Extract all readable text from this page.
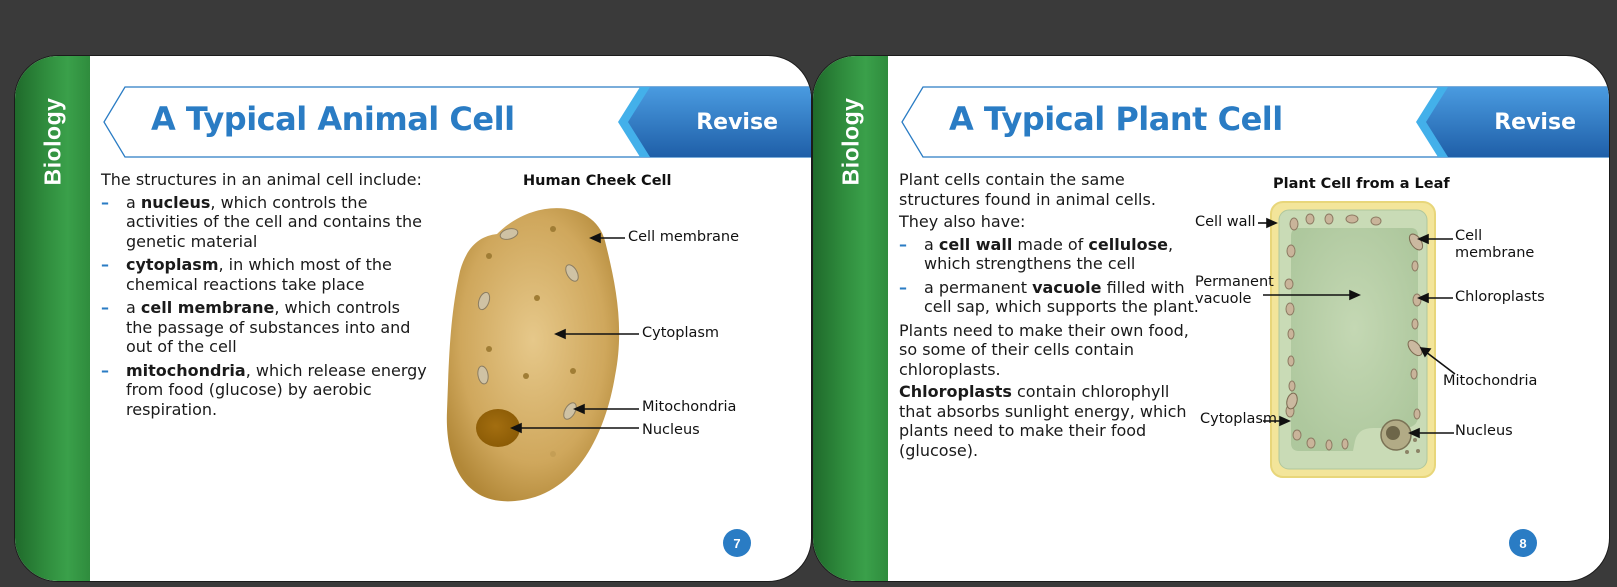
Biology	A Typical Animal Cell	Revise

The structures in an animal cell include:

– a nucleus, which controls the activities of the cell and contains the genetic material
– cytoplasm, in which most of the chemical reactions take place
– a cell membrane, which controls the passage of substances into and out of the cell
– mitochondria, which release energy from food (glucose) by aerobic respiration.
Human Cheek Cell
Cell membrane
Cytoplasm
Mitochondria
Nucleus
7
Biology	A Typical Plant Cell	Revise

Plant cells contain the same structures found in animal cells.

They also have:

– a cell wall made of cellulose, which strengthens the cell
– a permanent vacuole filled with cell sap, which supports the plant.

Plants need to make their own food, so some of their cells contain chloroplasts.

Chloroplasts contain chlorophyll that absorbs sunlight energy, which plants need to make their food (glucose).

Plant Cell from a Leaf
Cell wall
Cell
membrane
Permanent
vacuole	Chloroplasts
Mitochondria
Cytoplasm
Nucleus
8
